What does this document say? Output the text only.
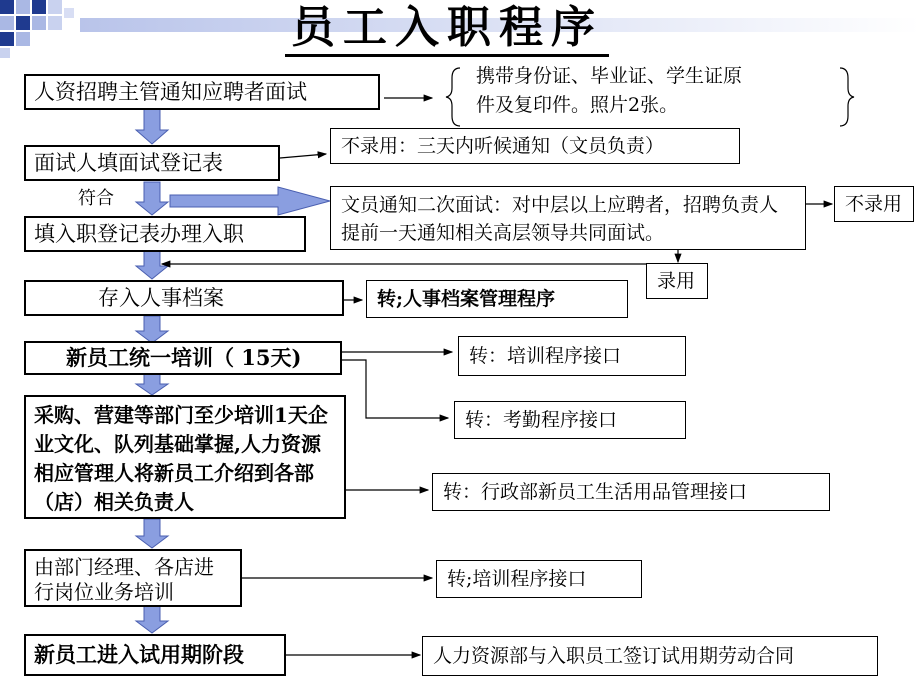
员工入职程序
人资招聘主管通知应聘者面试
面试人填面试登记表
符合
填入职登记表办理入职
存入人事档案
新员工统一培训（ 15天)
采购、营建等部门至少培训1天企业文化、队列基础掌握,人力资源相应管理人将新员工介绍到各部（店）相关负责人
由部门经理、各店进行岗位业务培训
新员工进入试用期阶段
携带身份证、毕业证、学生证原
件及复印件。照片2张。
不录用：三天内听候通知（文员负责）
文员通知二次面试：对中层以上应聘者，招聘负责人提前一天通知相关高层领导共同面试。
不录用
录用
转;人事档案管理程序
转：培训程序接口
转：考勤程序接口
转：行政部新员工生活用品管理接口
转;培训程序接口
人力资源部与入职员工签订试用期劳动合同
